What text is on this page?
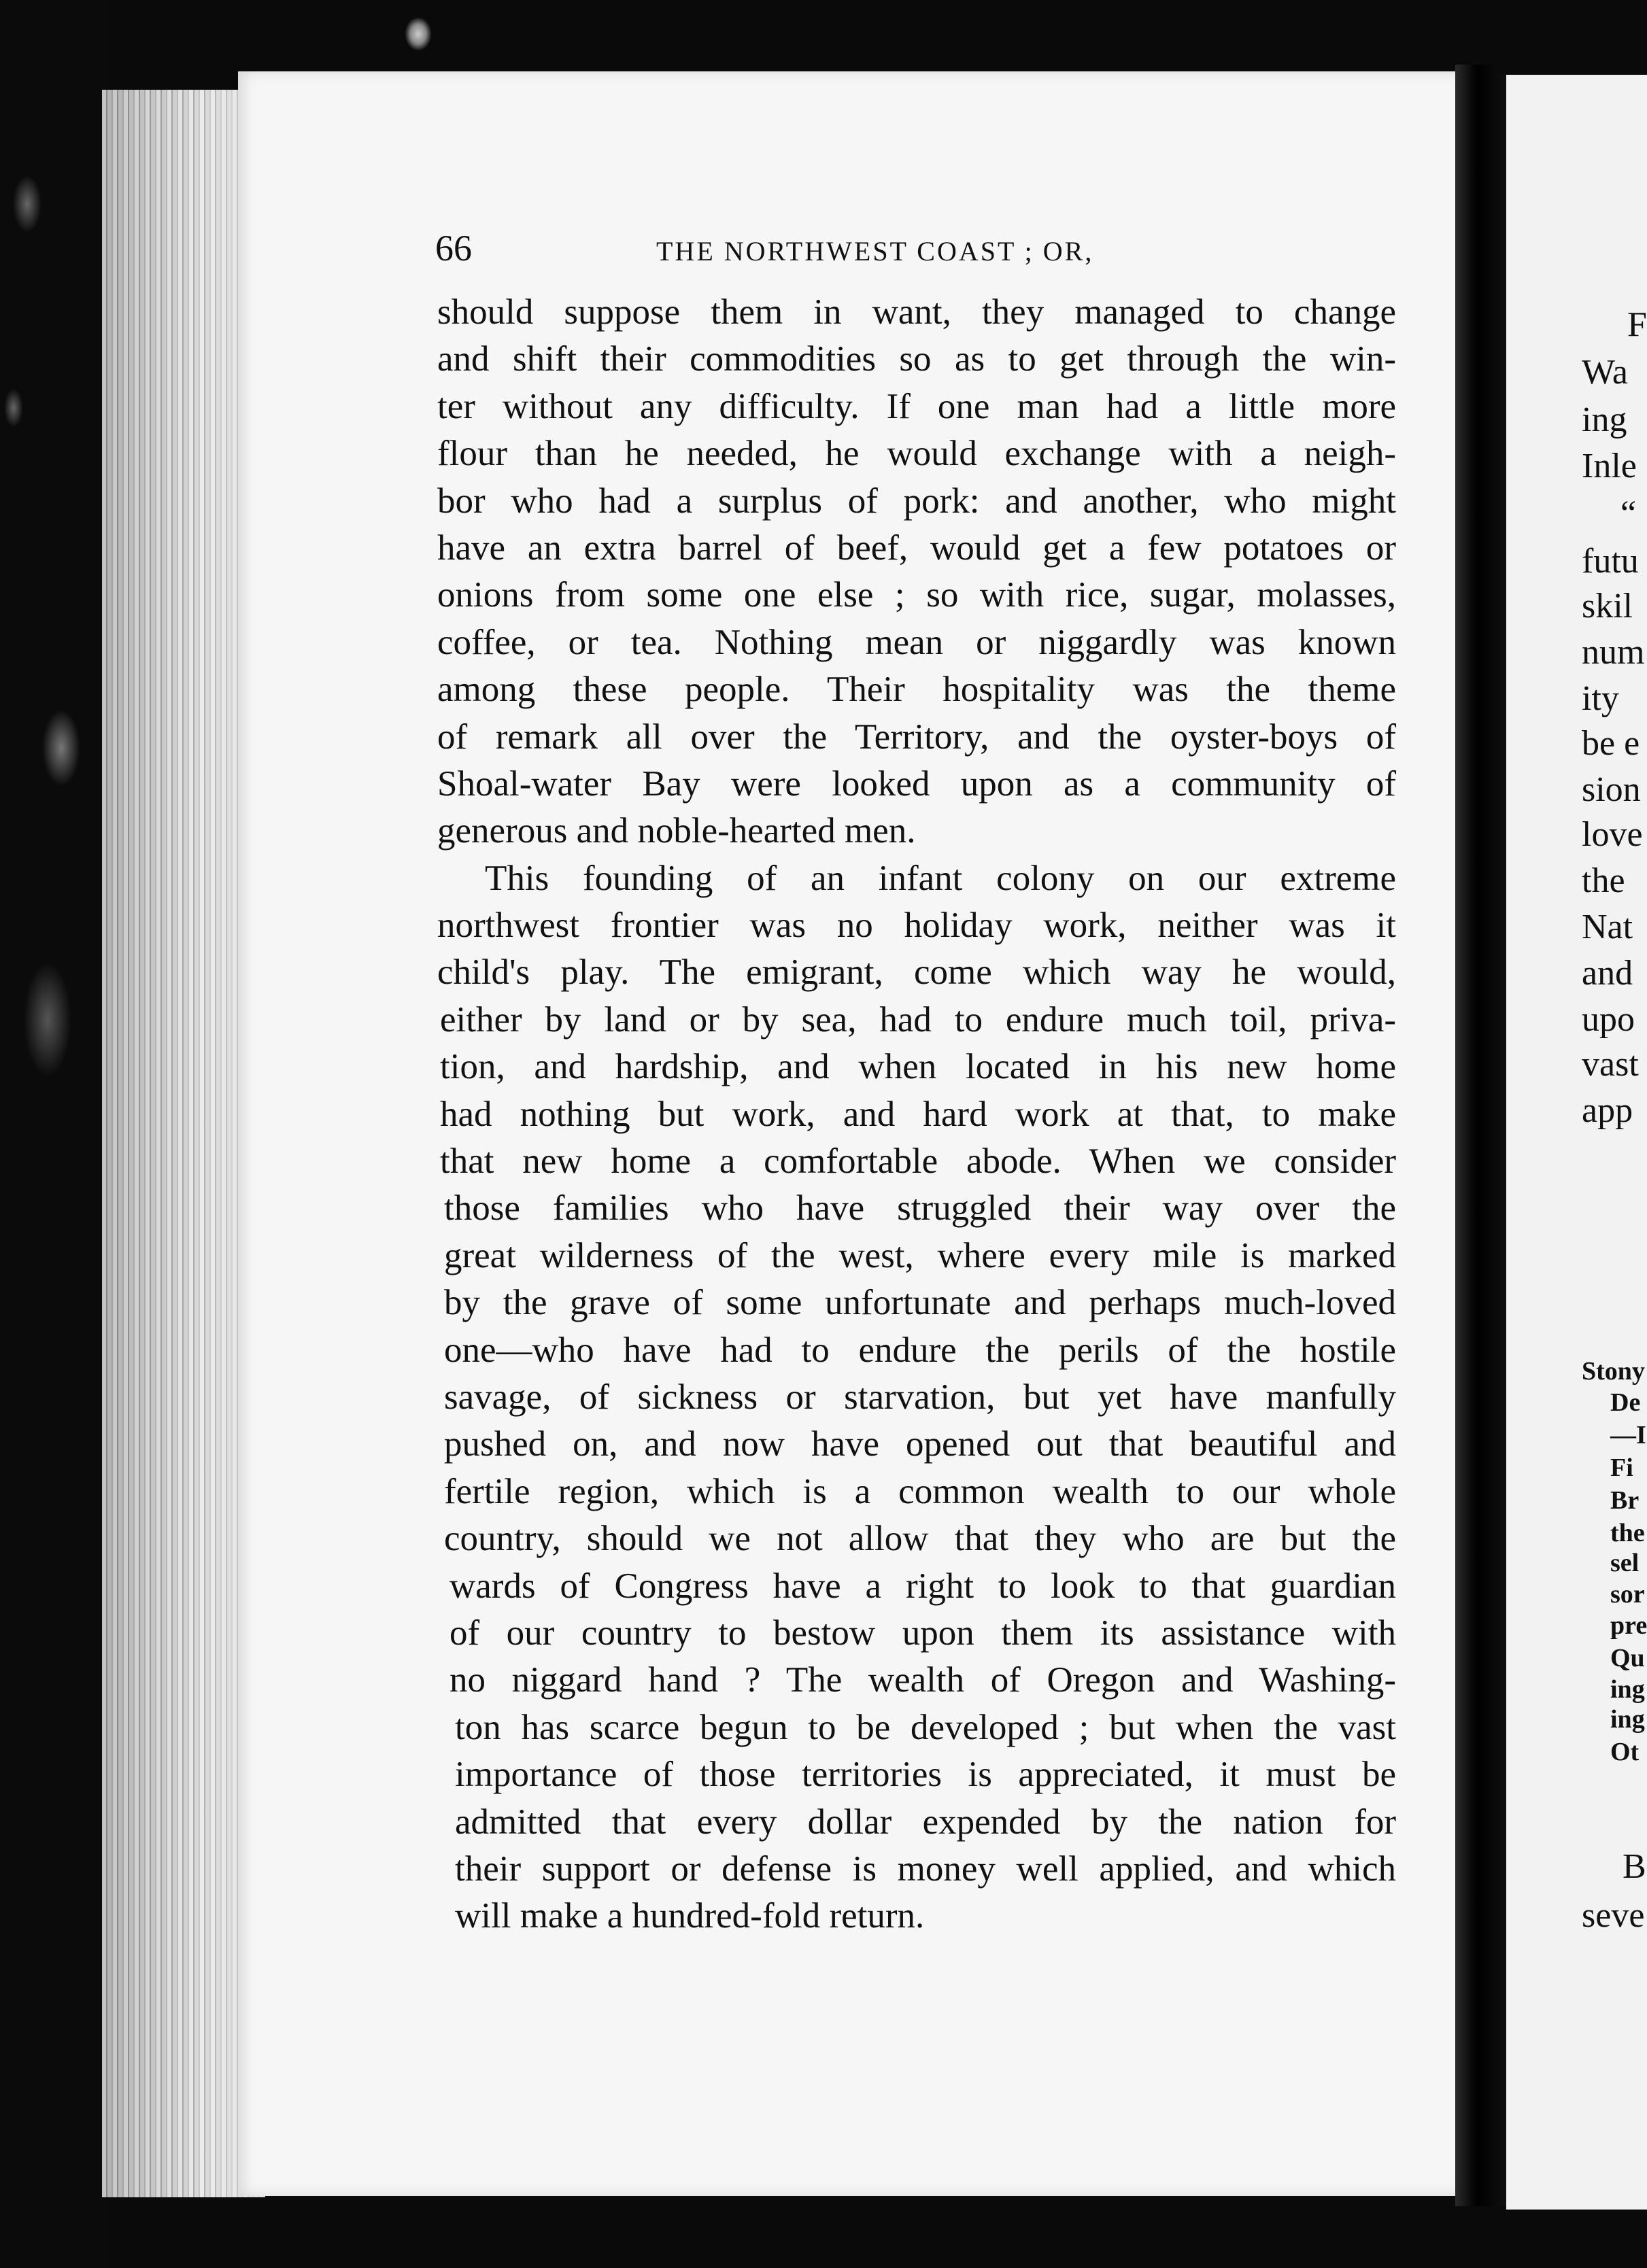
66	THE NORTHWEST COAST ; OR,
should suppose them in want, they managed to change
and shift their commodities so as to get through the win-
ter without any difficulty. If one man had a little more
flour than he needed, he would exchange with a neigh-
bor who had a surplus of pork: and another, who might
have an extra barrel of beef, would get a few potatoes or
onions from some one else ; so with rice, sugar, molasses,
coffee, or tea. Nothing mean or niggardly was known
among these people. Their hospitality was the theme
of remark all over the Territory, and the oyster-boys of
Shoal-water Bay were looked upon as a community of
generous and noble-hearted men.
This founding of an infant colony on our extreme
northwest frontier was no holiday work, neither was it
child's play. The emigrant, come which way he would,
either by land or by sea, had to endure much toil, priva-
tion, and hardship, and when located in his new home
had nothing but work, and hard work at that, to make
that new home a comfortable abode. When we consider
those families who have struggled their way over the
great wilderness of the west, where every mile is marked
by the grave of some unfortunate and perhaps much-loved
one—who have had to endure the perils of the hostile
savage, of sickness or starvation, but yet have manfully
pushed on, and now have opened out that beautiful and
fertile region, which is a common wealth to our whole
country, should we not allow that they who are but the
wards of Congress have a right to look to that guardian
of our country to bestow upon them its assistance with
no niggard hand ? The wealth of Oregon and Washing-
ton has scarce begun to be developed ; but when the vast
importance of those territories is appreciated, it must be
admitted that every dollar expended by the nation for
their support or defense is money well applied, and which
will make a hundred-fold return.
F
Wa
ing
Inle
“
futu
skil
num
ity
be e
sion
love
the
Nat
and
upo
vast
app
Stony
De
—I
Fi
Br
the
sel
sor
pre
Qu
ing
ing
Ot
B
seve
